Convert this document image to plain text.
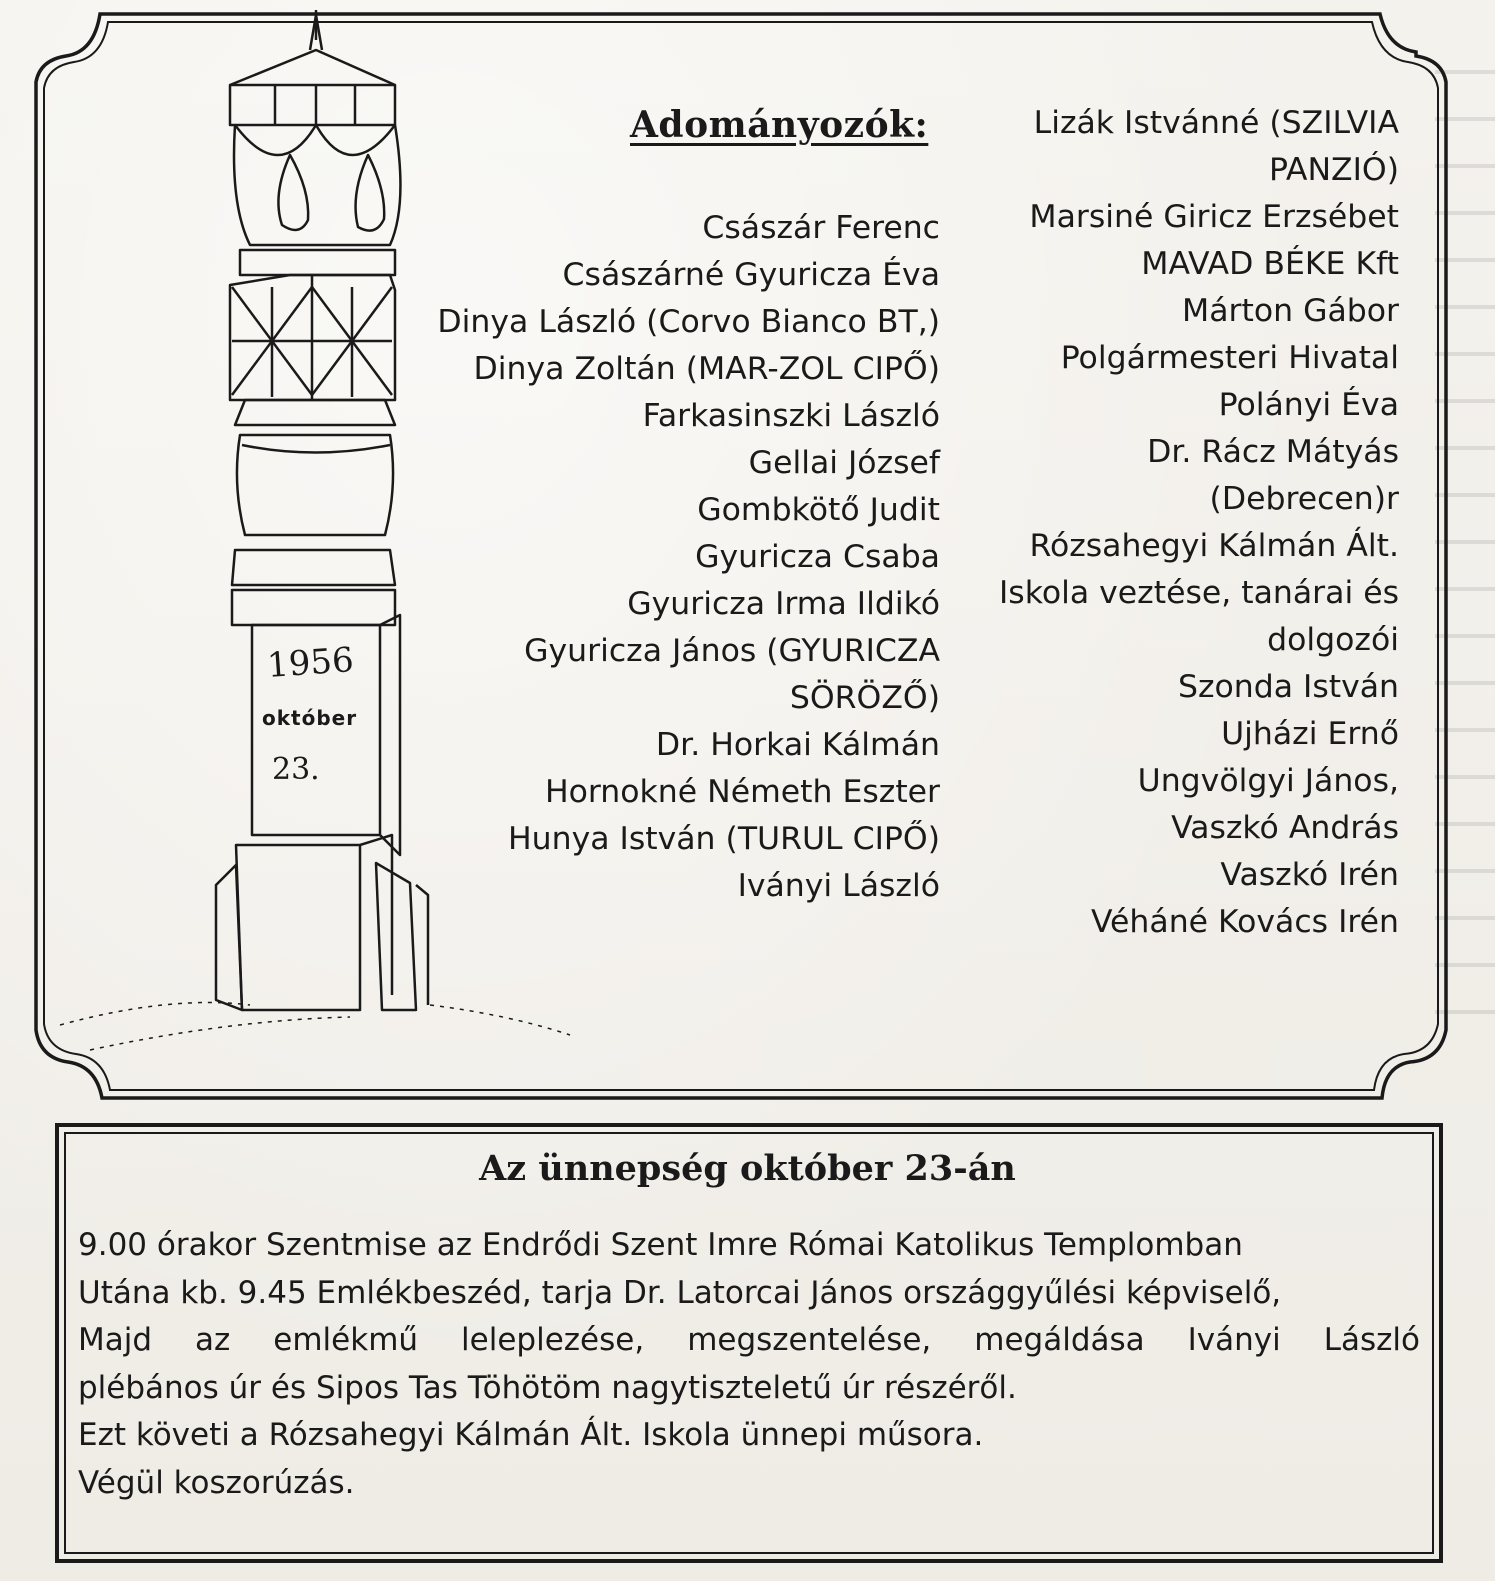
1956
október
23.
Adományozók:
Császár Ferenc
Császárné Gyuricza Éva
Dinya László (Corvo Bianco BT,)
Dinya Zoltán (MAR-ZOL CIPŐ)
Farkasinszki László
Gellai József
Gombkötő Judit
Gyuricza Csaba
Gyuricza Irma Ildikó
Gyuricza János (GYURICZA
SÖRÖZŐ)
Dr. Horkai Kálmán
Hornokné Németh Eszter
Hunya István (TURUL CIPŐ)
Iványi László
Lizák Istvánné (SZILVIA
PANZIÓ)
Marsiné Giricz Erzsébet
MAVAD BÉKE Kft
Márton Gábor
Polgármesteri Hivatal
Polányi Éva
Dr. Rácz Mátyás
(Debrecen)r
Rózsahegyi Kálmán Ált.
Iskola veztése, tanárai és
dolgozói
Szonda István
Ujházi Ernő
Ungvölgyi János,
Vaszkó András
Vaszkó Irén
Véháné Kovács Irén
Az ünnepség október 23-án
9.00 órakor Szentmise az Endrődi Szent Imre Római Katolikus Templomban
Utána kb. 9.45 Emlékbeszéd, tarja Dr. Latorcai János országgyűlési képviselő,
Majd az emlékmű leleplezése, megszentelése, megáldása Iványi László
plébános úr és Sipos Tas Töhötöm nagytiszteletű úr részéről.
Ezt követi a Rózsahegyi Kálmán Ált. Iskola ünnepi műsora.
Végül koszorúzás.
